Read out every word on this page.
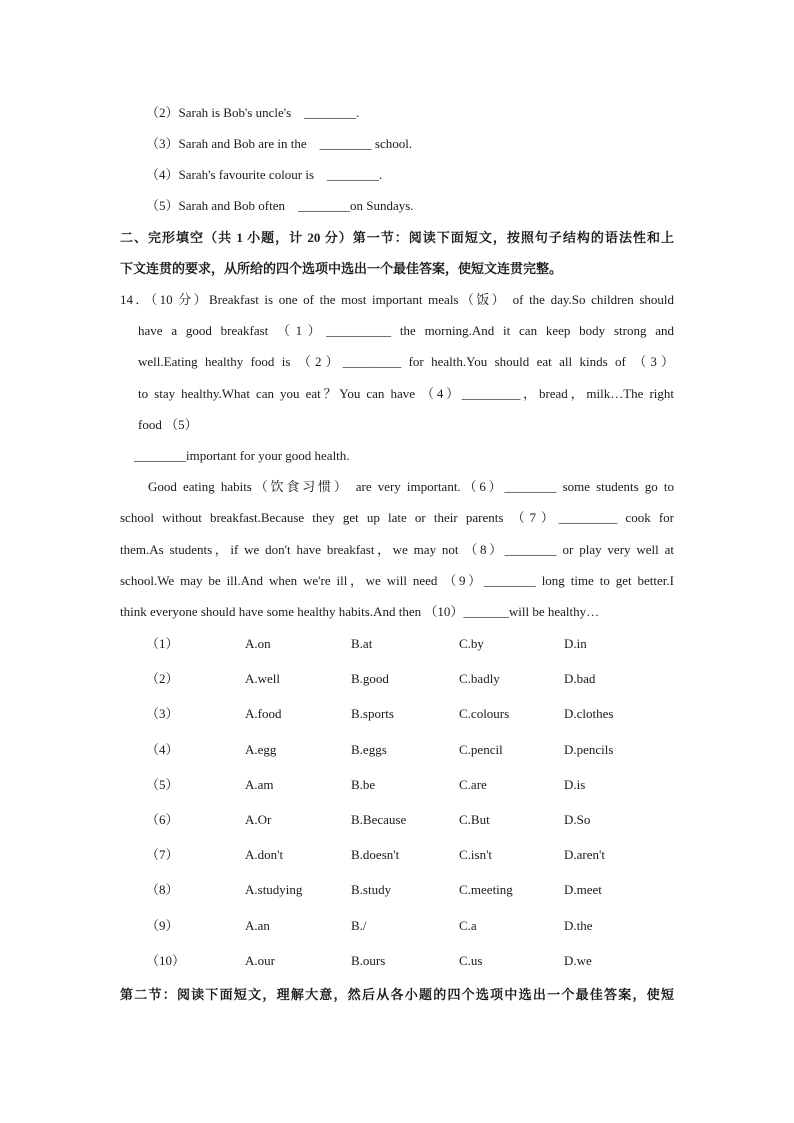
（2）Sarah is Bob's uncle's　________.
（3）Sarah and Bob are in the　________ school.
（4）Sarah's favourite colour is　________.
（5）Sarah and Bob often　________on Sundays.
二、完形填空（共 1 小题，计 20 分）第一节：阅读下面短文，按照句子结构的语法性和上
下文连贯的要求，从所给的四个选项中选出一个最佳答案，使短文连贯完整。
14．（10 分）Breakfast is one of the most important meals（饭） of the day.So children should
have a good breakfast （1）__________ the morning.And it can keep body strong and
well.Eating healthy food is （2）_________ for health.You should eat all kinds of （3）
to stay healthy.What can you eat？You can have （4）_________，bread，milk…The right
food （5）
________important for your good health.
Good eating habits（饮食习惯） are very important.（6）________ some students go to
school without breakfast.Because they get up late or their parents （7）_________ cook for
them.As students，if we don't have breakfast，we may not （8）________ or play very well at
school.We may be ill.And when we're ill，we will need （9）________ long time to get better.I
think everyone should have some healthy habits.And then （10）_______will be healthy…
（1）	A.on	B.at	C.by	D.in
（2）	A.well	B.good	C.badly	D.bad
（3）	A.food	B.sports	C.colours	D.clothes
（4）	A.egg	B.eggs	C.pencil	D.pencils
（5）	A.am	B.be	C.are	D.is
（6）	A.Or	B.Because	C.But	D.So
（7）	A.don't	B.doesn't	C.isn't	D.aren't
（8）	A.studying	B.study	C.meeting	D.meet
（9）	A.an	B./	C.a	D.the
（10）	A.our	B.ours	C.us	D.we
第二节：阅读下面短文，理解大意，然后从各小题的四个选项中选出一个最佳答案，使短
